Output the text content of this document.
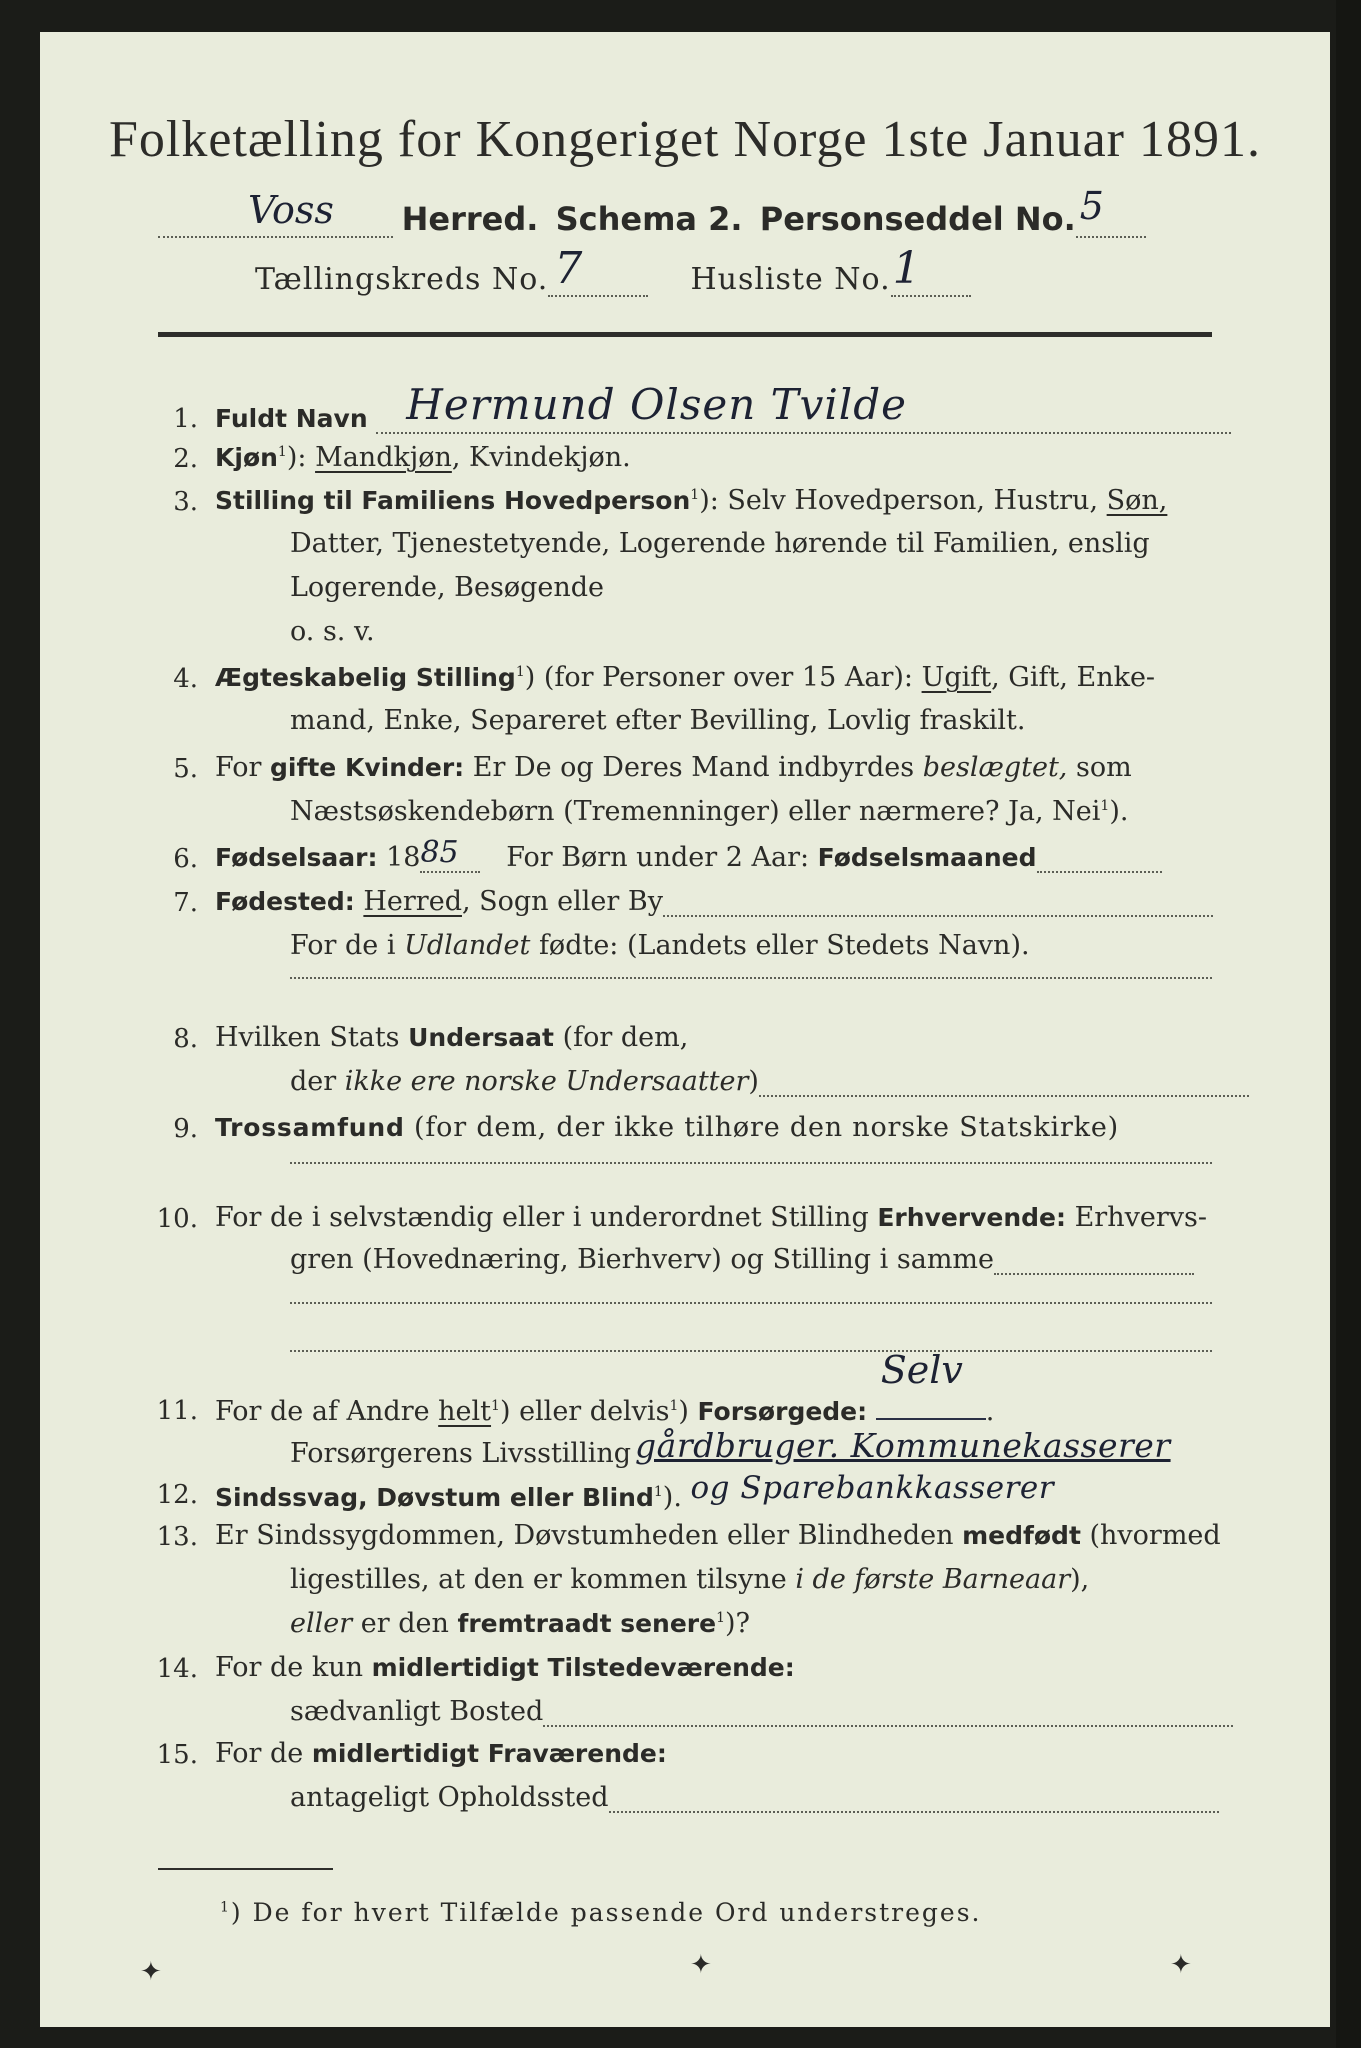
Folketælling for Kongeriget Norge 1ste Januar 1891.
Voss Herred. Schema 2. Personseddel No. 5
Tællingskreds No. 7	Husliste No. 1
1. Fuldt Navn Hermund Olsen Tvilde
2. Kjøn$^1$): Mandkjøn, Kvindekjøn.
3. Stilling til Familiens Hovedperson$^1$): Selv Hovedperson, Hustru, Søn,
Datter, Tjenestetyende, Logerende hørende til Familien, enslig
Logerende, Besøgende
o. s. v.
4. Ægteskabelig Stilling$^1$) (for Personer over 15 Aar): Ugift, Gift, Enke-
mand, Enke, Separeret efter Bevilling, Lovlig fraskilt.
5. For gifte Kvinder: Er De og Deres Mand indbyrdes beslægtet, som
Næstsøskendebørn (Tremenninger) eller nærmere? Ja, Nei$^1$).
6. Fødselsaar: 18 85 For Børn under 2 Aar: Fødselsmaaned
7. Fødested: Herred, Sogn eller By
For de i Udlandet fødte: (Landets eller Stedets Navn).
8. Hvilken Stats Undersaat (for dem,
der ikke ere norske Undersaatter)
9. Trossamfund (for dem, der ikke tilhøre den norske Statskirke)
10. For de i selvstændig eller i underordnet Stilling Erhvervende: Erhvervs-
gren (Hovednæring, Bierhverv) og Stilling i samme
11. For de af Andre helt$^1$) eller delvis$^1$) Forsørgede:
Selv
.
Forsørgerens Livsstilling gårdbruger. Kommunekasserer
12. Sindssvag, Døvstum eller Blind$^1$). og Sparebankkasserer
13. Er Sindssygdommen, Døvstumheden eller Blindheden medfødt (hvormed
ligestilles, at den er kommen tilsyne i de første Barneaar),
eller er den fremtraadt senere$^1$)?
14. For de kun midlertidigt Tilstedeværende:
sædvanligt Bosted
15. For de midlertidigt Fraværende:
antageligt Opholdssted
$^1$) De for hvert Tilfælde passende Ord understreges.
✦	✦	✦
